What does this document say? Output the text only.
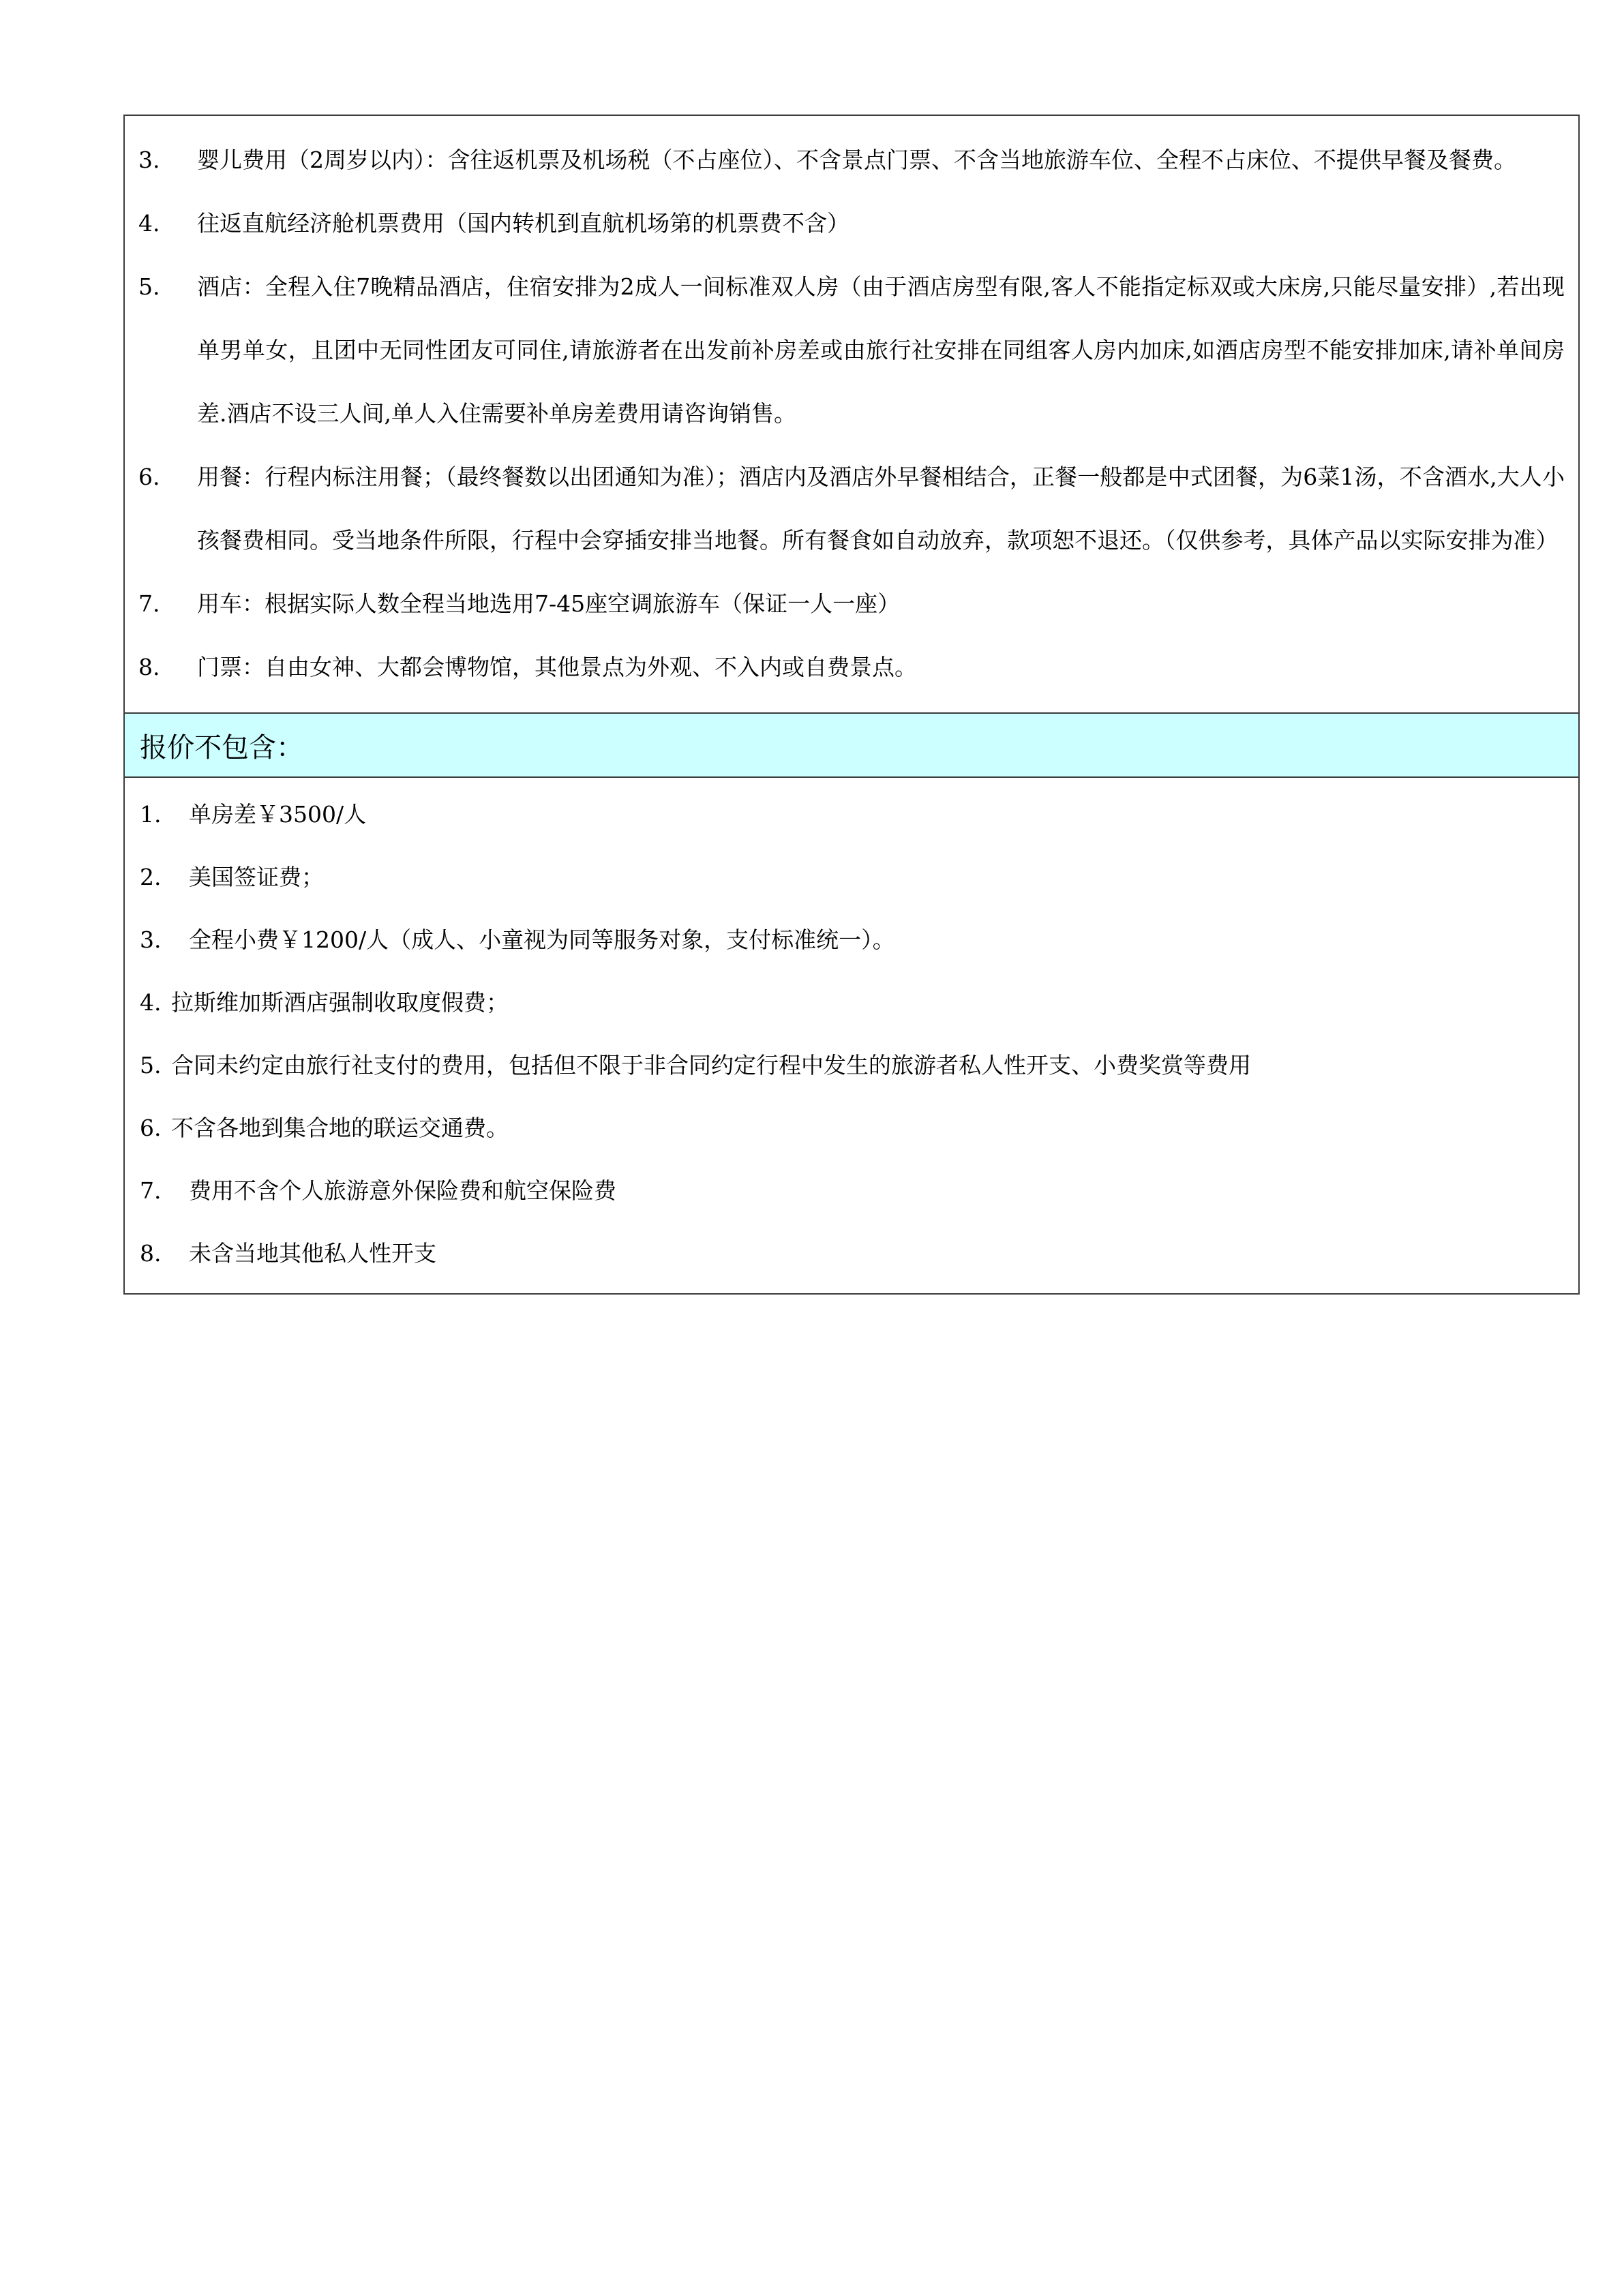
3.	婴儿费用（2周岁以内）：含往返机票及机场税（不占座位）、不含景点门票、不含当地旅游车位、全程不占床位、不提供早餐及餐费。
4.	往返直航经济舱机票费用（国内转机到直航机场第的机票费不含）
5.	酒店：全程入住7晚精品酒店，住宿安排为2成人一间标准双人房（由于酒店房型有限,客人不能指定标双或大床房,只能尽量安排）,若出现单男单女，且团中无同性团友可同住,请旅游者在出发前补房差或由旅行社安排在同组客人房内加床,如酒店房型不能安排加床,请补单间房差.酒店不设三人间,单人入住需要补单房差费用请咨询销售。
6.	用餐：行程内标注用餐；（最终餐数以出团通知为准）；酒店内及酒店外早餐相结合，正餐一般都是中式团餐，为6菜1汤，不含酒水,大人小孩餐费相同。受当地条件所限，行程中会穿插安排当地餐。所有餐食如自动放弃，款项恕不退还。（仅供参考，具体产品以实际安排为准）
7.	用车：根据实际人数全程当地选用7-45座空调旅游车（保证一人一座）
8.	门票：自由女神、大都会博物馆，其他景点为外观、不入内或自费景点。
报价不包含：
1. 单房差￥3500/人
2. 美国签证费；
3. 全程小费￥1200/人（成人、小童视为同等服务对象，支付标准统一）。
4. 拉斯维加斯酒店强制收取度假费；
5. 合同未约定由旅行社支付的费用，包括但不限于非合同约定行程中发生的旅游者私人性开支、小费奖赏等费用
6. 不含各地到集合地的联运交通费。
7. 费用不含个人旅游意外保险费和航空保险费
8. 未含当地其他私人性开支
